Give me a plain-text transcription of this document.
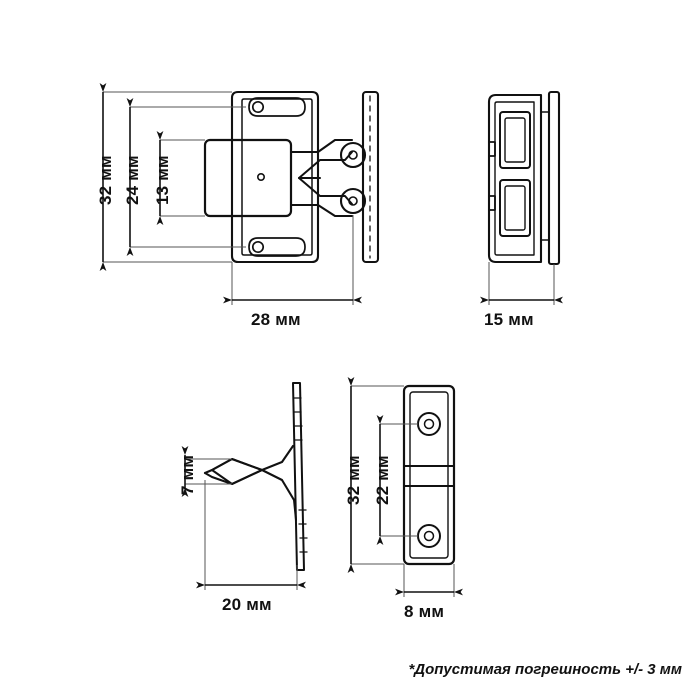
32 мм 24 мм 13 мм
28 мм	15 мм
7 мм
20 мм
32 мм 22 мм
8 мм
*Допустимая погрешность +/- 3 мм
